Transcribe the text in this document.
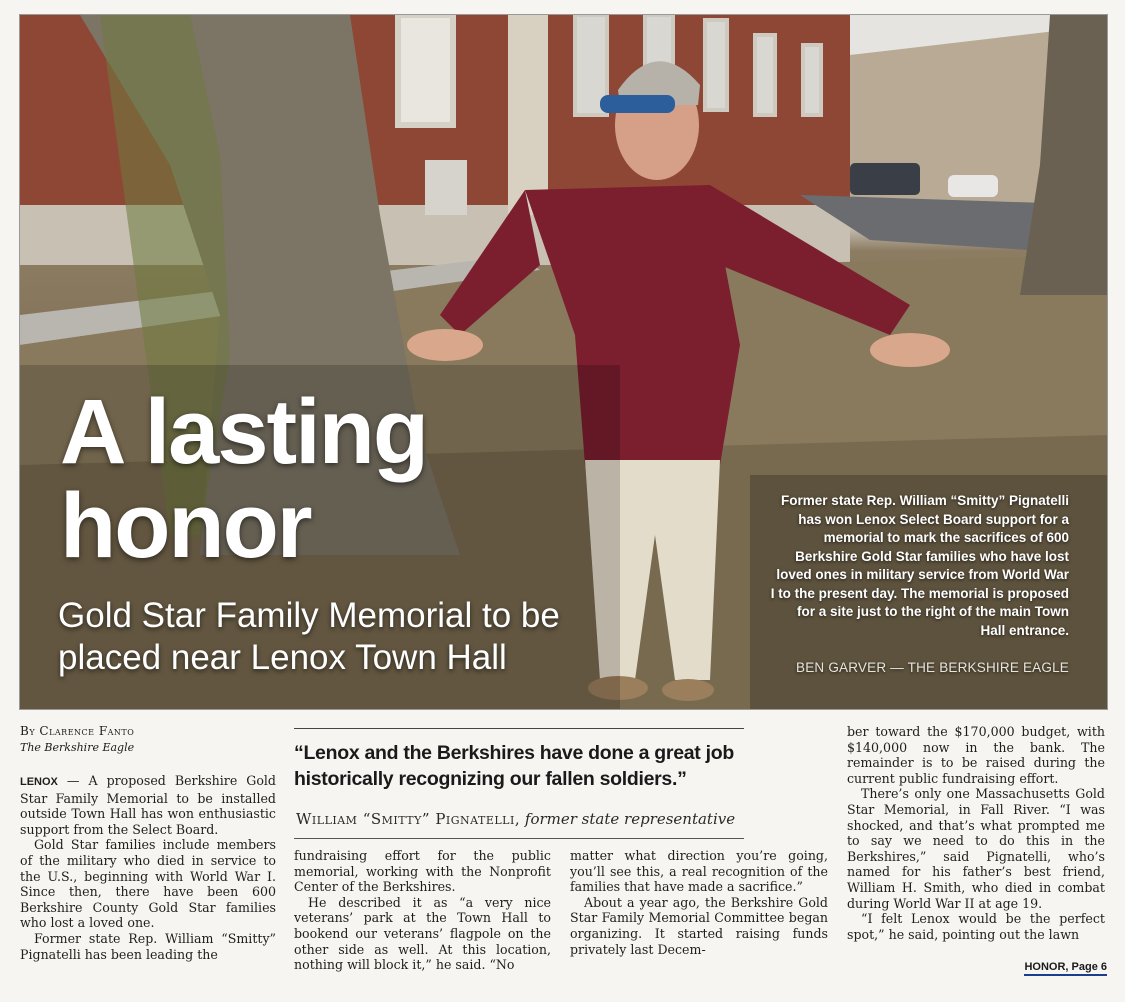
A lasting
honor

Gold Star Family Memorial to be placed near Lenox Town Hall

Former state Rep. William “Smitty” Pignatelli has won Lenox Select Board support for a memorial to mark the sacrifices of 600 Berkshire Gold Star families who have lost loved ones in military service from World War I to the present day. The memorial is proposed for a site just to the right of the main Town Hall entrance.

BEN GARVER — THE BERKSHIRE EAGLE
By Clarence Fanto
The Berkshire Eagle

LENOX — A proposed Berkshire Gold Star Family Memorial to be installed outside Town Hall has won enthusiastic support from the Select Board.

Gold Star families include members of the military who died in service to the U.S., beginning with World War I. Since then, there have been 600 Berkshire County Gold Star families who lost a loved one.

Former state Rep. William “Smitty” Pignatelli has been leading the

“Lenox and the Berkshires have done a great job historically recognizing our fallen soldiers.”

William “Smitty” Pignatelli, former state representative

fundraising effort for the public memorial, working with the Nonprofit Center of the Berkshires.

He described it as “a very nice veterans’ park at the Town Hall to bookend our veterans’ flagpole on the other side as well. At this location, nothing will block it,” he said. “No

matter what direction you’re going, you’ll see this, a real recognition of the families that have made a sacrifice.”

About a year ago, the Berkshire Gold Star Family Memorial Committee began organizing. It started raising funds privately last Decem-

ber toward the $170,000 budget, with $140,000 now in the bank. The remainder is to be raised during the current public fundraising effort.

There’s only one Massachusetts Gold Star Memorial, in Fall River. “I was shocked, and that’s what prompted me to say we need to do this in the Berkshires,” said Pignatelli, who’s named for his father’s best friend, William H. Smith, who died in combat during World War II at age 19.

“I felt Lenox would be the perfect spot,” he said, pointing out the lawn

HONOR, Page 6
